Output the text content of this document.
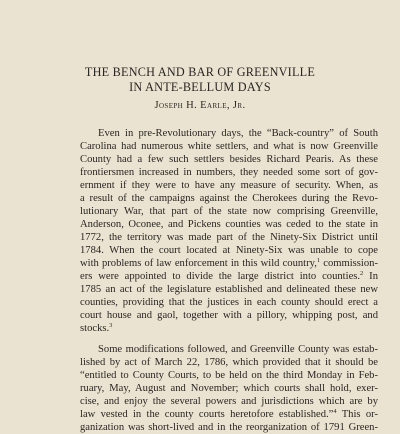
THE BENCH AND BAR OF GREENVILLE
IN ANTE-BELLUM DAYS
Joseph H. Earle, Jr.
Even in pre-Revolutionary days, the “Back-country” of South
Carolina had numerous white settlers, and what is now Greenville
County had a few such settlers besides Richard Pearis. As these
frontiersmen increased in numbers, they needed some sort of gov-
ernment if they were to have any measure of security. When, as
a result of the campaigns against the Cherokees during the Revo-
lutionary War, that part of the state now comprising Greenville,
Anderson, Oconee, and Pickens counties was ceded to the state in
1772, the territory was made part of the Ninety-Six District until
1784. When the court located at Ninety-Six was unable to cope
with problems of law enforcement in this wild country,$^1$ commission-
ers were appointed to divide the large district into counties.$^2$ In
1785 an act of the legislature established and delineated these new
counties, providing that the justices in each county should erect a
court house and gaol, together with a pillory, whipping post, and
stocks.$^3$
Some modifications followed, and Greenville County was estab-
lished by act of March 22, 1786, which provided that it should be
“entitled to County Courts, to be held on the third Monday in Feb-
ruary, May, August and November; which courts shall hold, exer-
cise, and enjoy the several powers and jurisdictions which are by
law vested in the county courts heretofore established.”$^4$ This or-
ganization was short-lived and in the reorganization of 1791 Green-
